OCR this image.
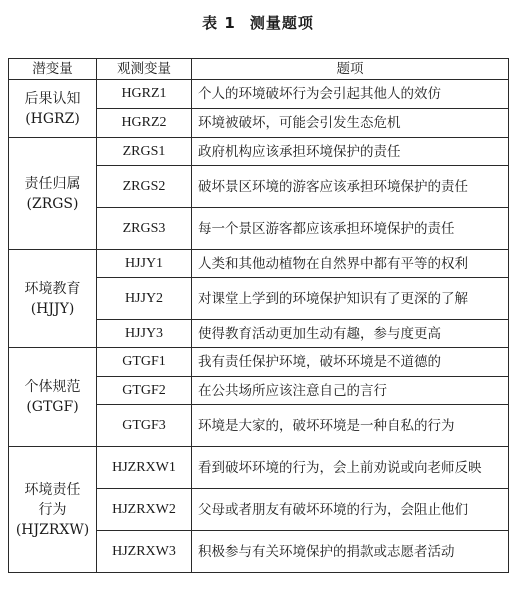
表 1 测量题项
潜变量	观测变量	题项

后果认知
(HGRZ)	HGRZ1	个人的环境破坏行为会引起其他人的效仿
	HGRZ2	环境被破坏，可能会引发生态危机

责任归属
(ZRGS)	ZRGS1	政府机构应该承担环境保护的责任
	ZRGS2	破坏景区环境的游客应该承担环境保护的责任
	ZRGS3	每一个景区游客都应该承担环境保护的责任

环境教育
(HJJY)	HJJY1	人类和其他动植物在自然界中都有平等的权利
	HJJY2	对课堂上学到的环境保护知识有了更深的了解
	HJJY3	使得教育活动更加生动有趣，参与度更高

个体规范
(GTGF)	GTGF1	我有责任保护环境，破坏环境是不道德的
	GTGF2	在公共场所应该注意自己的言行
	GTGF3	环境是大家的，破坏环境是一种自私的行为

环境责任行为
(HJZRXW)	HJZRXW1	看到破坏环境的行为，会上前劝说或向老师反映
	HJZRXW2	父母或者朋友有破坏环境的行为，会阻止他们
	HJZRXW3	积极参与有关环境保护的捐款或志愿者活动
